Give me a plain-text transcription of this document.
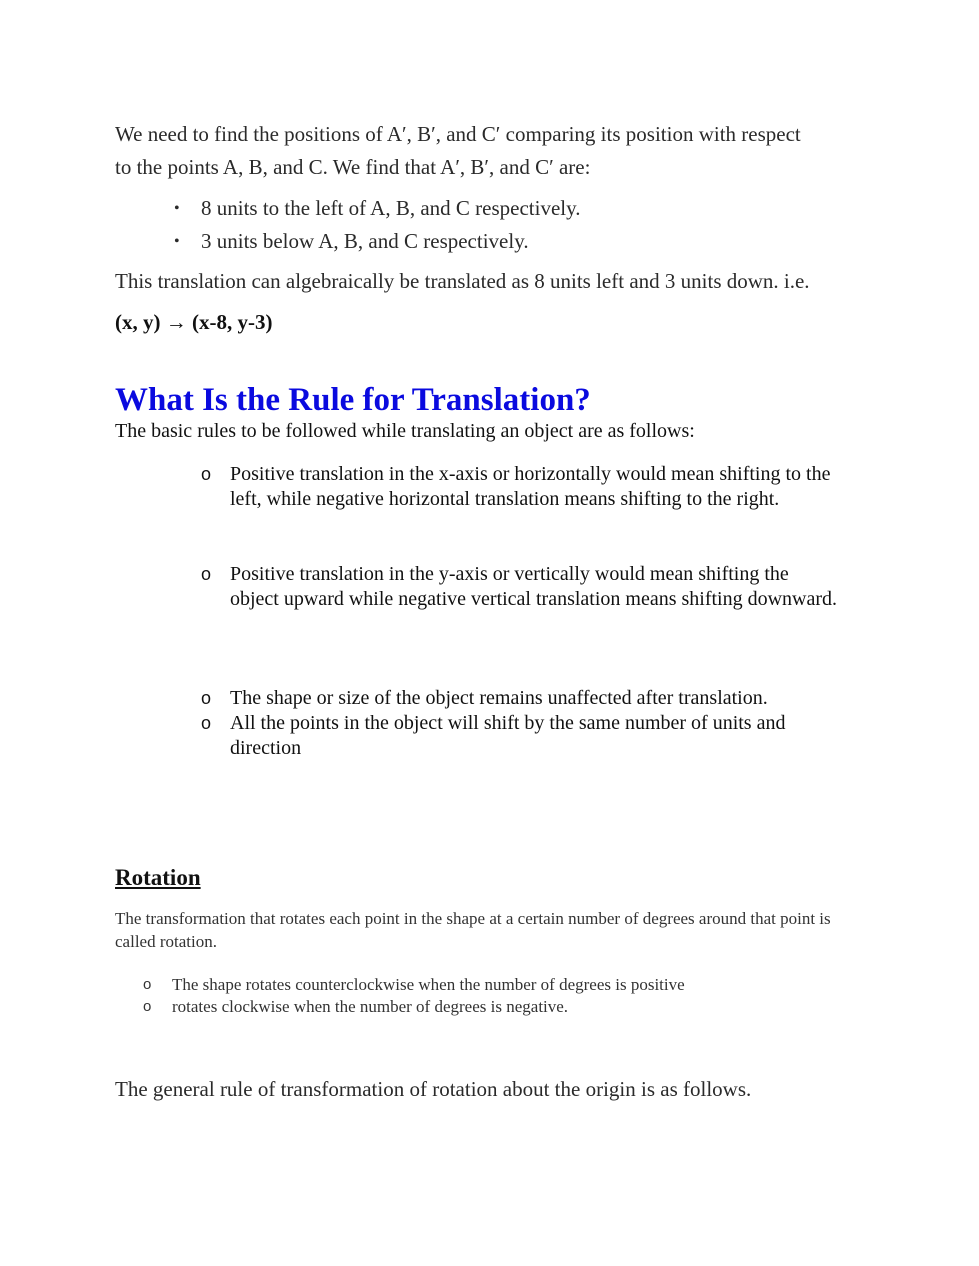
We need to find the positions of A′, B′, and C′ comparing its position with respect
to the points A, B, and C. We find that A′, B′, and C′ are:
• 8 units to the left of A, B, and C respectively.
• 3 units below A, B, and C respectively.
This translation can algebraically be translated as 8 units left and 3 units down. i.e.
(x, y) → (x-8, y-3)
What Is the Rule for Translation?
The basic rules to be followed while translating an object are as follows:
o Positive translation in the x-axis or horizontally would mean shifting to the left, while negative horizontal translation means shifting to the right.
o Positive translation in the y-axis or vertically would mean shifting the object upward while negative vertical translation means shifting downward.
o The shape or size of the object remains unaffected after translation.
o All the points in the object will shift by the same number of units and direction
Rotation
The transformation that rotates each point in the shape at a certain number of degrees around that point is called rotation.
o The shape rotates counterclockwise when the number of degrees is positive
o rotates clockwise when the number of degrees is negative.
The general rule of transformation of rotation about the origin is as follows.
